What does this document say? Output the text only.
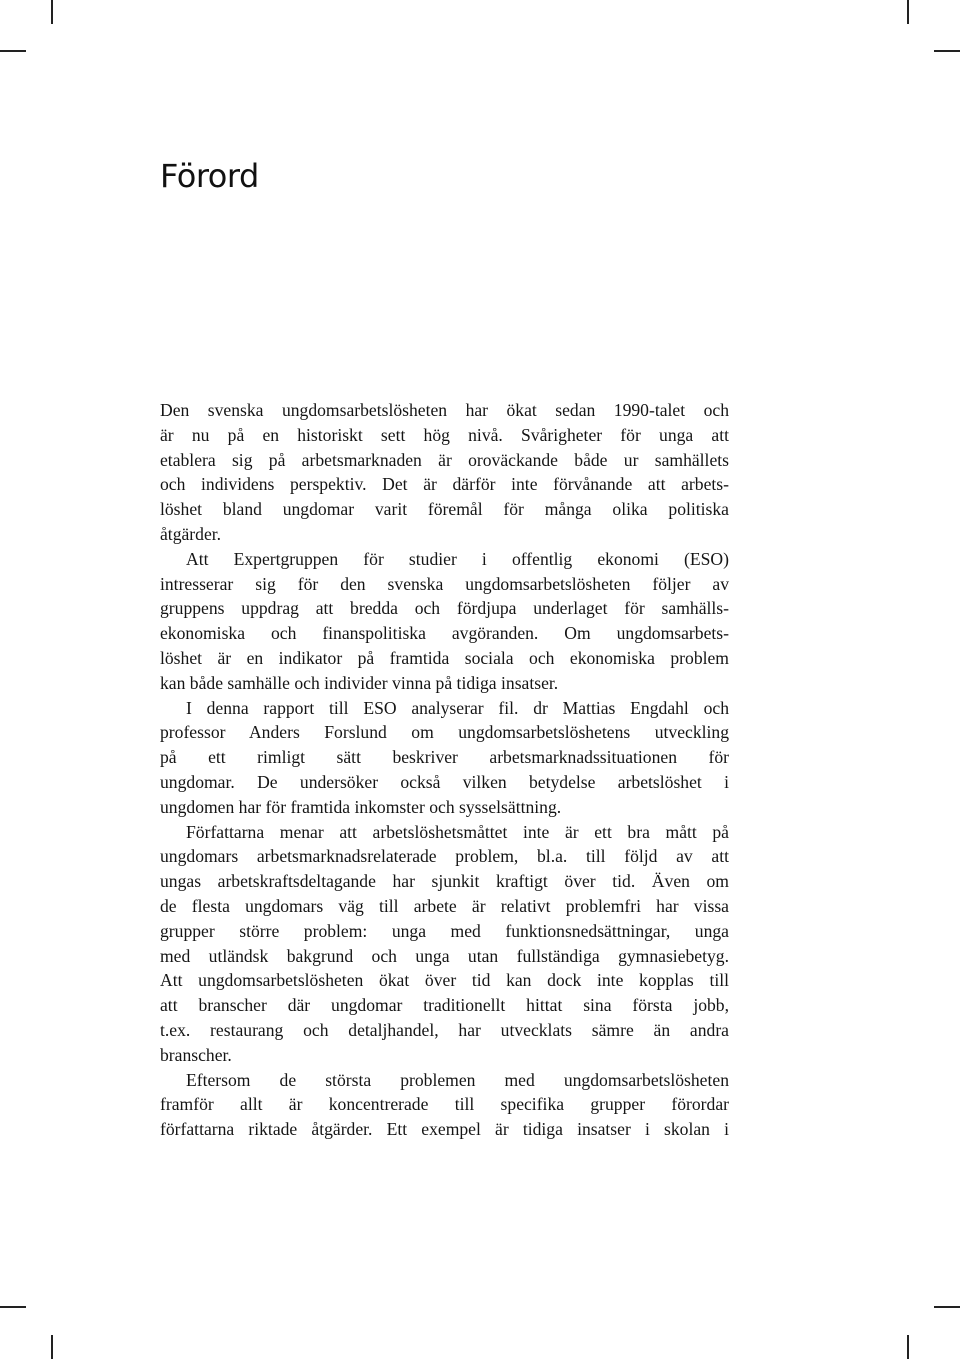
Förord
Den svenska ungdomsarbetslösheten har ökat sedan 1990-talet och
är nu på en historiskt sett hög nivå. Svårigheter för unga att
etablera sig på arbetsmarknaden är oroväckande både ur samhällets
och individens perspektiv. Det är därför inte förvånande att arbets-
löshet bland ungdomar varit föremål för många olika politiska
åtgärder.
Att Expertgruppen för studier i offentlig ekonomi (ESO)
intresserar sig för den svenska ungdomsarbetslösheten följer av
gruppens uppdrag att bredda och fördjupa underlaget för samhälls-
ekonomiska och finanspolitiska avgöranden. Om ungdomsarbets-
löshet är en indikator på framtida sociala och ekonomiska problem
kan både samhälle och individer vinna på tidiga insatser.
I denna rapport till ESO analyserar fil. dr Mattias Engdahl och
professor Anders Forslund om ungdomsarbetslöshetens utveckling
på ett rimligt sätt beskriver arbetsmarknadssituationen för
ungdomar. De undersöker också vilken betydelse arbetslöshet i
ungdomen har för framtida inkomster och sysselsättning.
Författarna menar att arbetslöshetsmåttet inte är ett bra mått på
ungdomars arbetsmarknadsrelaterade problem, bl.a. till följd av att
ungas arbetskraftsdeltagande har sjunkit kraftigt över tid. Även om
de flesta ungdomars väg till arbete är relativt problemfri har vissa
grupper större problem: unga med funktionsnedsättningar, unga
med utländsk bakgrund och unga utan fullständiga gymnasiebetyg.
Att ungdomsarbetslösheten ökat över tid kan dock inte kopplas till
att branscher där ungdomar traditionellt hittat sina första jobb,
t.ex. restaurang och detaljhandel, har utvecklats sämre än andra
branscher.
Eftersom de största problemen med ungdomsarbetslösheten
framför allt är koncentrerade till specifika grupper förordar
författarna riktade åtgärder. Ett exempel är tidiga insatser i skolan i
